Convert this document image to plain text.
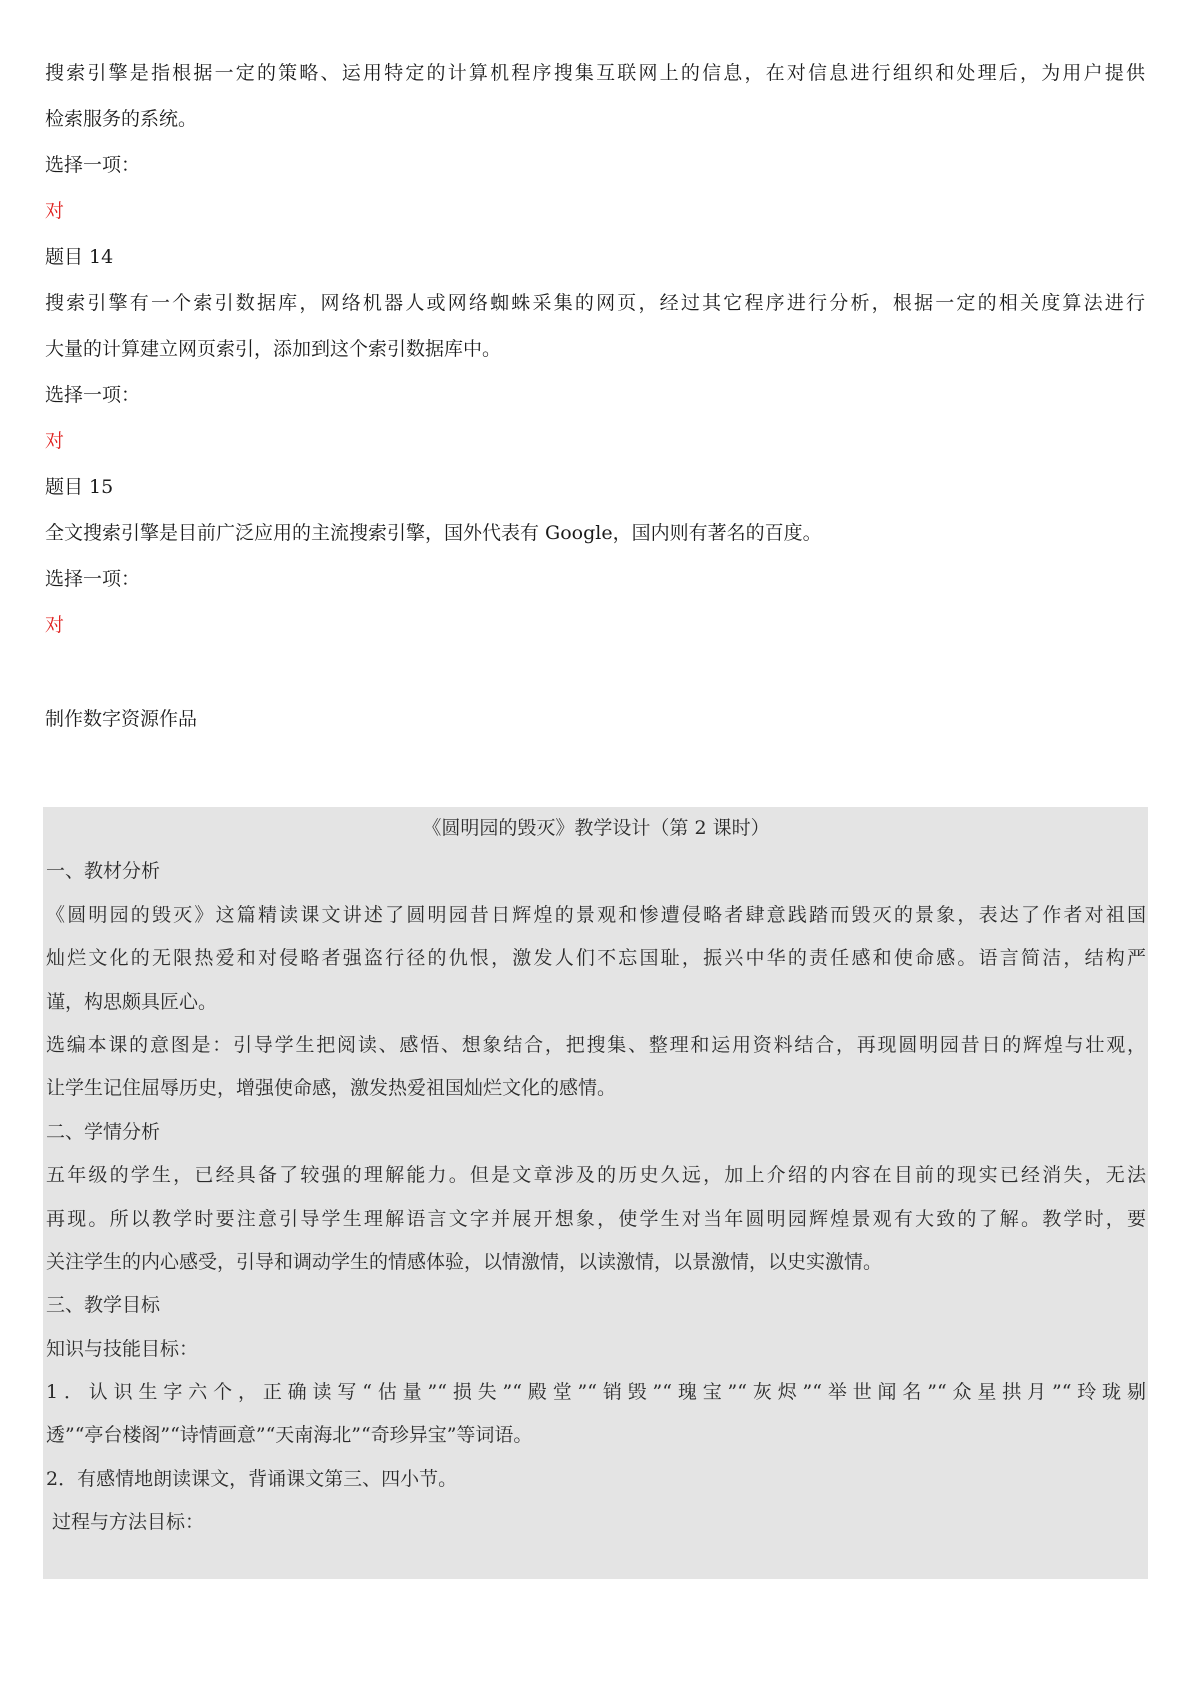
搜索引擎是指根据一定的策略、运用特定的计算机程序搜集互联网上的信息，在对信息进行组织和处理后，为用户提供
检索服务的系统。
选择一项：
对
题目 14
搜索引擎有一个索引数据库，网络机器人或网络蜘蛛采集的网页，经过其它程序进行分析，根据一定的相关度算法进行
大量的计算建立网页索引，添加到这个索引数据库中。
选择一项：
对
题目 15
全文搜索引擎是目前广泛应用的主流搜索引擎，国外代表有 Google，国内则有著名的百度。
选择一项：
对
制作数字资源作品
《圆明园的毁灭》教学设计（第 2 课时）
一、教材分析
《圆明园的毁灭》这篇精读课文讲述了圆明园昔日辉煌的景观和惨遭侵略者肆意践踏而毁灭的景象，表达了作者对祖国
灿烂文化的无限热爱和对侵略者强盗行径的仇恨，激发人们不忘国耻，振兴中华的责任感和使命感。语言简洁，结构严
谨，构思颇具匠心。
选编本课的意图是：引导学生把阅读、感悟、想象结合，把搜集、整理和运用资料结合，再现圆明园昔日的辉煌与壮观，
让学生记住屈辱历史，增强使命感，激发热爱祖国灿烂文化的感情。
二、学情分析
五年级的学生，已经具备了较强的理解能力。但是文章涉及的历史久远，加上介绍的内容在目前的现实已经消失，无法
再现。所以教学时要注意引导学生理解语言文字并展开想象，使学生对当年圆明园辉煌景观有大致的了解。教学时，要
关注学生的内心感受，引导和调动学生的情感体验，以情激情，以读激情，以景激情，以史实激情。
三、教学目标
知识与技能目标：
1．认识生字六个，正确读写“估量”“损失”“殿堂”“销毁”“瑰宝”“灰烬”“举世闻名”“众星拱月”“玲珑剔
透”“亭台楼阁”“诗情画意”“天南海北”“奇珍异宝”等词语。
2．有感情地朗读课文，背诵课文第三、四小节。
过程与方法目标：
